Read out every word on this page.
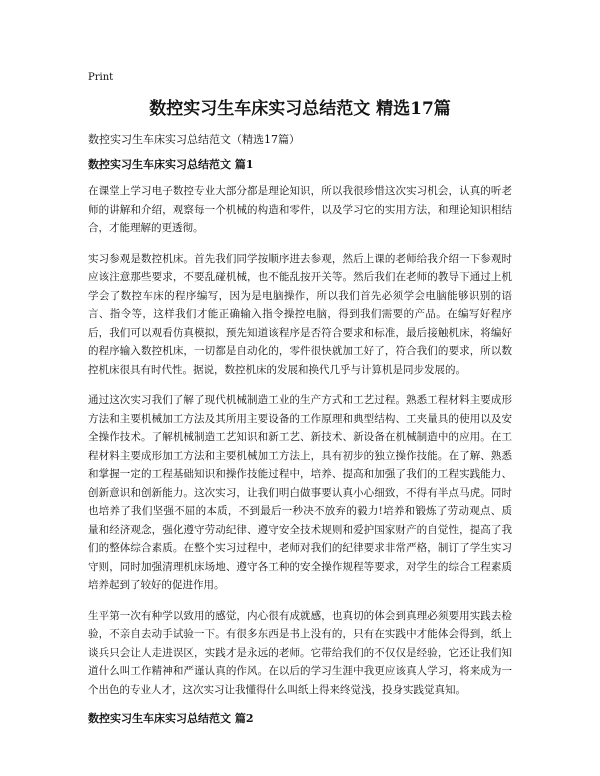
Print
数控实习生车床实习总结范文 精选17篇
数控实习生车床实习总结范文（精选17篇）
数控实习生车床实习总结范文 篇1

在课堂上学习电子数控专业大部分都是理论知识，所以我很珍惜这次实习机会，认真的听老师的讲解和介绍，观察每一个机械的构造和零件，以及学习它的实用方法，和理论知识相结合，才能理解的更透彻。

实习参观是数控机床。首先我们同学按顺序进去参观，然后上课的老师给我介绍一下参观时应该注意那些要求，不要乱碰机械，也不能乱按开关等。然后我们在老师的教导下通过上机学会了数控车床的程序编写，因为是电脑操作，所以我们首先必须学会电脑能够识别的语言、指令等，这样我们才能正确输入指令操控电脑，得到我们需要的产品。在编写好程序后，我们可以观看仿真模拟，预先知道该程序是否符合要求和标准，最后接触机床，将编好的程序输入数控机床，一切都是自动化的，零件很快就加工好了，符合我们的要求，所以数控机床很具有时代性。据说，数控机床的发展和换代几乎与计算机是同步发展的。

通过这次实习我们了解了现代机械制造工业的生产方式和工艺过程。熟悉工程材料主要成形方法和主要机械加工方法及其所用主要设备的工作原理和典型结构、工夹量具的使用以及安全操作技术。了解机械制造工艺知识和新工艺、新技术、新设备在机械制造中的应用。在工程材料主要成形加工方法和主要机械加工方法上，具有初步的独立操作技能。在了解、熟悉和掌握一定的工程基础知识和操作技能过程中，培养、提高和加强了我们的工程实践能力、创新意识和创新能力。这次实习，让我们明白做事要认真小心细致，不得有半点马虎。同时也培养了我们坚强不屈的本质，不到最后一秒决不放弃的毅力!培养和锻炼了劳动观点、质量和经济观念，强化遵守劳动纪律、遵守安全技术规则和爱护国家财产的自觉性，提高了我们的整体综合素质。在整个实习过程中，老师对我们的纪律要求非常严格，制订了学生实习守则，同时加强清理机床场地、遵守各工种的安全操作规程等要求，对学生的综合工程素质培养起到了较好的促进作用。

生平第一次有种学以致用的感觉，内心很有成就感，也真切的体会到真理必须要用实践去检验，不亲自去动手试验一下。有很多东西是书上没有的，只有在实践中才能体会得到，纸上谈兵只会让人走进误区，实践才是永远的老师。它带给我们的不仅仅是经验，它还让我们知道什么叫工作精神和严谨认真的作风。在以后的学习生涯中我更应该真人学习，将来成为一个出色的专业人才，这次实习让我懂得什么叫纸上得来终觉浅，投身实践觉真知。

数控实习生车床实习总结范文 篇2
